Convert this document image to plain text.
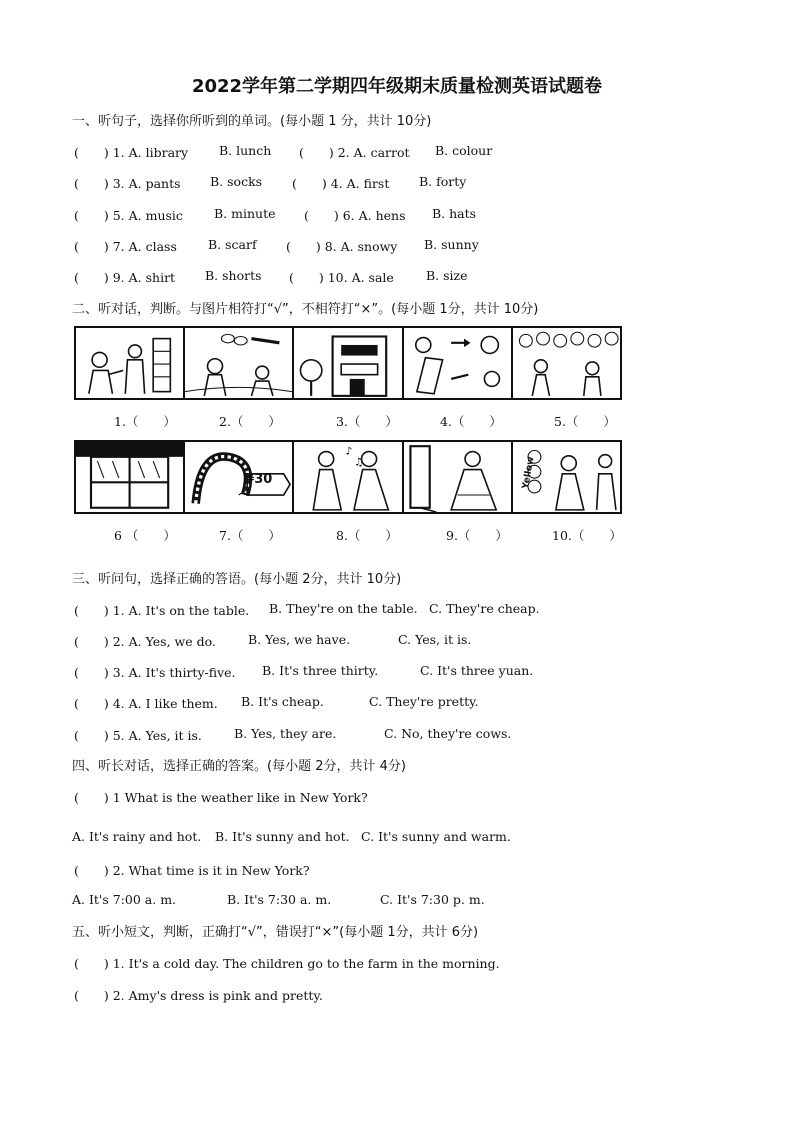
2022学年第二学期四年级期末质量检测英语试题卷
一、听句子，选择你所听到的单词。(每小题 1 分，共计 10分)
(　　) 1. A. library B. lunch (　　) 2. A. carrot B. colour
(　　) 3. A. pants B. socks (　　) 4. A. first B. forty
(　　) 5. A. music B. minute (　　) 6. A. hens B. hats
(　　) 7. A. class B. scarf (　　) 8. A. snowy B. sunny
(　　) 9. A. shirt B. shorts (　　) 10. A. sale	B. size
二、听对话，判断。与图片相符打“√”，不相符打“×”。(每小题 1分，共计 10分)
1.（　　）	2.（　　）	3.（　　）	4.（　　）	5.（　　）
¥30
♪
♫	Yellow
6 （　　）	7.（　　）	8.（　　）	9.（　　）	10.（　　）
三、听问句，选择正确的答语。(每小题 2分，共计 10分)
(　　) 1. A. It's on the table. B. They're on the table. C. They're cheap.
(　　) 2. A. Yes, we do.	B. Yes, we have.	C. Yes, it is.
(　　) 3. A. It's thirty-five. B. It's three thirty.	C. It's three yuan.
(　　) 4. A. I like them. B. It's cheap.	C. They're pretty.
(　　) 5. A. Yes, it is.	B. Yes, they are.	C. No, they're cows.
四、听长对话，选择正确的答案。(每小题 2分，共计 4分)
(　　) 1 What is the weather like in New York?
A. It's rainy and hot. B. It's sunny and hot. C. It's sunny and warm.
(　　) 2. What time is it in New York?
A. It's 7:00 a. m.	B. It's 7:30 a. m.	C. It's 7:30 p. m.
五、听小短文，判断，正确打“√”，错误打“×”(每小题 1分，共计 6分)
(　　) 1. It's a cold day. The children go to the farm in the morning.
(　　) 2. Amy's dress is pink and pretty.
